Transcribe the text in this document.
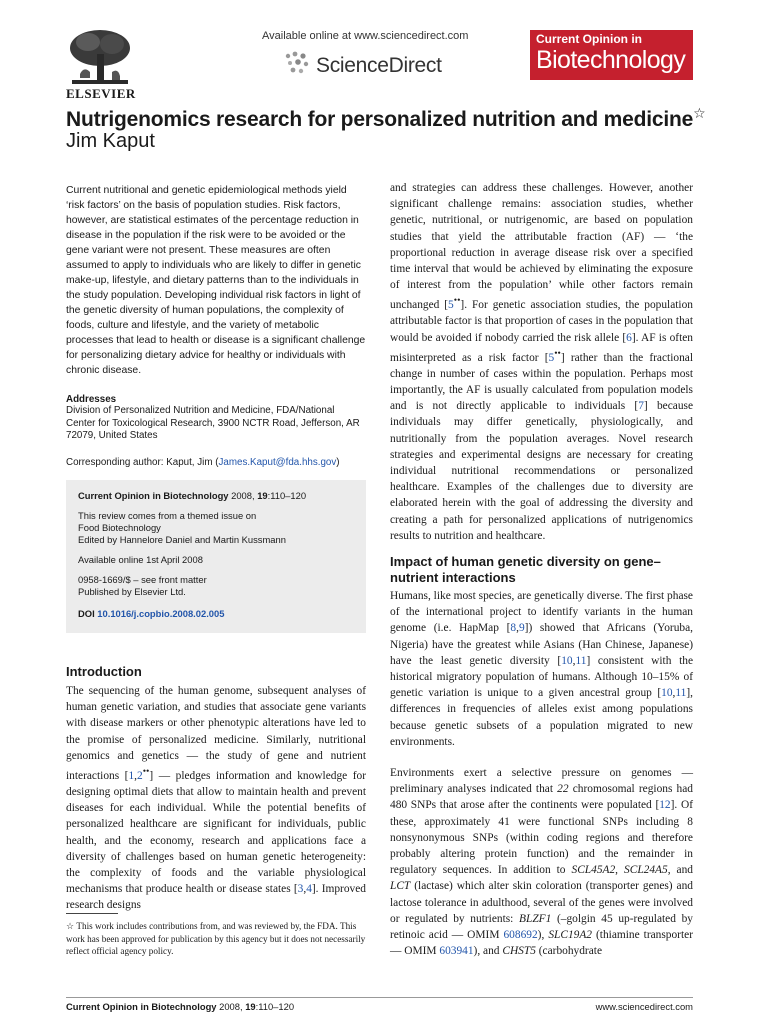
ELSEVIER
Available online at www.sciencedirect.com
ScienceDirect
Current Opinion in
Biotechnology
Nutrigenomics research for personalized nutrition and medicine☆
Jim Kaput

Current nutritional and genetic epidemiological methods yield ‘risk factors’ on the basis of population studies. Risk factors, however, are statistical estimates of the percentage reduction in disease in the population if the risk were to be avoided or the gene variant were not present. These measures are often assumed to apply to individuals who are likely to differ in genetic make-up, lifestyle, and dietary patterns than to the individuals in the study population. Developing individual risk factors in light of the genetic diversity of human populations, the complexity of foods, culture and lifestyle, and the variety of metabolic processes that lead to health or disease is a significant challenge for personalizing dietary advice for healthy or individuals with chronic disease.

Addresses

Division of Personalized Nutrition and Medicine, FDA/National Center for Toxicological Research, 3900 NCTR Road, Jefferson, AR 72079, United States

Corresponding author: Kaput, Jim (James.Kaput@fda.hhs.gov)

Current Opinion in Biotechnology 2008, 19:110–120

This review comes from a themed issue on

Food Biotechnology

Edited by Hannelore Daniel and Martin Kussmann

Available online 1st April 2008

0958-1669/$ – see front matter

Published by Elsevier Ltd.

DOI 10.1016/j.copbio.2008.02.005

Introduction

The sequencing of the human genome, subsequent analyses of human genetic variation, and studies that associate gene variants with disease markers or other phenotypic alterations have led to the promise of personalized medicine. Similarly, nutritional genomics and genetics — the study of gene and nutrient interactions [1,2••] — pledges information and knowledge for designing optimal diets that allow to maintain health and prevent diseases for each individual. While the potential benefits of personalized healthcare are significant for individuals, public health, and the economy, research and applications face a diversity of challenges based on human genetic heterogeneity: the complexity of foods and the variable physiological mechanisms that produce health or disease states [3,4]. Improved research designs

☆ This work includes contributions from, and was reviewed by, the FDA. This work has been approved for publication by this agency but it does not necessarily reflect official agency policy.

and strategies can address these challenges. However, another significant challenge remains: association studies, whether genetic, nutritional, or nutrigenomic, are based on population studies that yield the attributable fraction (AF) — ‘the proportional reduction in average disease risk over a specified time interval that would be achieved by eliminating the exposure of interest from the population’ while other factors remain unchanged [5••]. For genetic association studies, the population attributable factor is that proportion of cases in the population that would be avoided if nobody carried the risk allele [6]. AF is often misinterpreted as a risk factor [5••] rather than the fractional change in number of cases within the population. Perhaps most importantly, the AF is usually calculated from population models and is not directly applicable to individuals [7] because individuals may differ genetically, physiologically, and nutritionally from the population averages. Novel research strategies and experimental designs are necessary for creating individual nutritional recommendations or personalized healthcare. Examples of the challenges due to diversity are elaborated herein with the goal of addressing the diversity and creating a path for personalized applications of nutrigenomics results to nutrition and healthcare.

Impact of human genetic diversity on gene–nutrient interactions

Humans, like most species, are genetically diverse. The first phase of the international project to identify variants in the human genome (i.e. HapMap [8,9]) showed that Africans (Yoruba, Nigeria) have the greatest while Asians (Han Chinese, Japanese) have the least genetic diversity [10,11] consistent with the historical migratory population of humans. Although 10–15% of genetic variation is unique to a given ancestral group [10,11], differences in frequencies of alleles exist among populations because genetic subsets of a population migrated to new environments.

Environments exert a selective pressure on genomes — preliminary analyses indicated that 22 chromosomal regions had 480 SNPs that arose after the continents were populated [12]. Of these, approximately 41 were functional SNPs including 8 nonsynonymous SNPs (within coding regions and therefore probably altering protein function) and the remainder in regulatory sequences. In addition to SCL45A2, SCL24A5, and LCT (lactase) which alter skin coloration (transporter genes) and lactose tolerance in adulthood, several of the genes were involved or regulated by nutrients: BLZF1 (–golgin 45 up-regulated by retinoic acid — OMIM 608692), SLC19A2 (thiamine transporter — OMIM 603941), and CHST5 (carbohydrate

Current Opinion in Biotechnology 2008, 19:110–120	www.sciencedirect.com
